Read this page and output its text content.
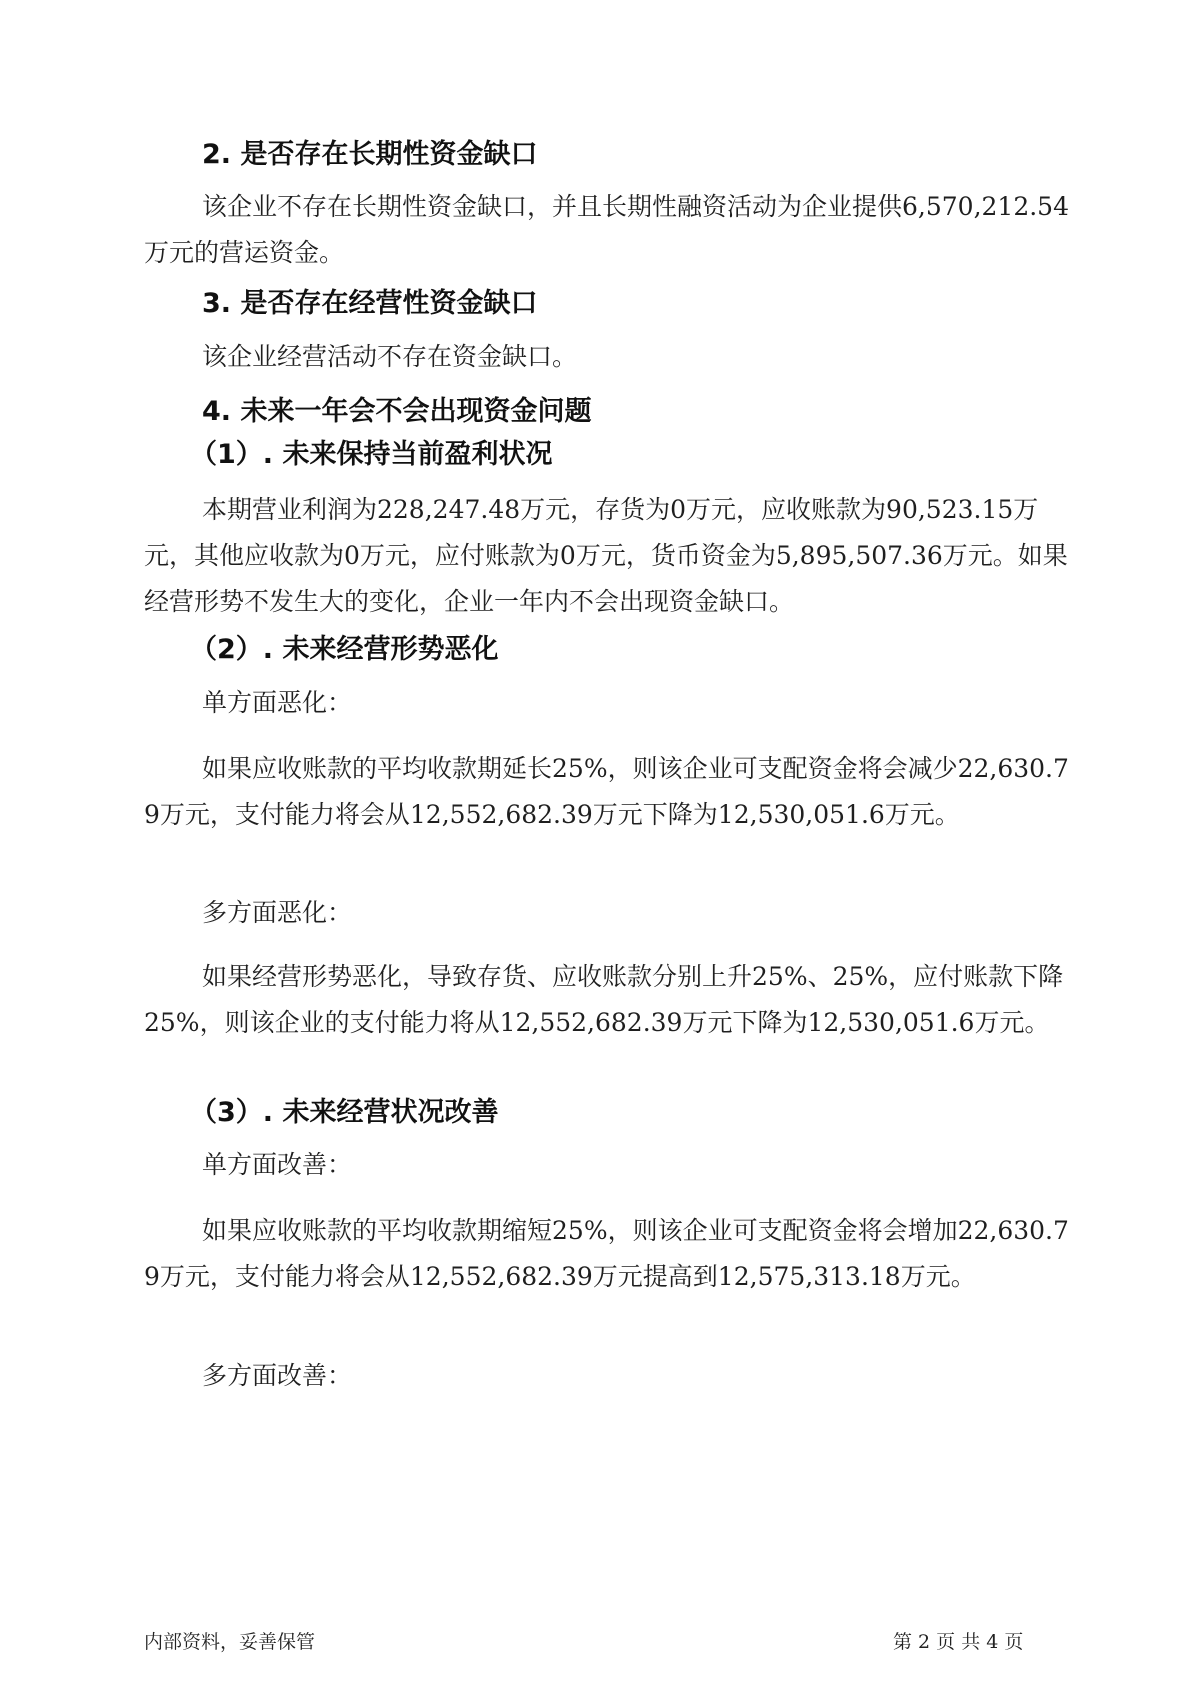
2. 是否存在长期性资金缺口
该企业不存在长期性资金缺口，并且长期性融资活动为企业提供6,570,212.54万元的营运资金。
3. 是否存在经营性资金缺口
该企业经营活动不存在资金缺口。
4. 未来一年会不会出现资金问题
（1）. 未来保持当前盈利状况
本期营业利润为228,247.48万元，存货为0万元，应收账款为90,523.15万元，其他应收款为0万元，应付账款为0万元，货币资金为5,895,507.36万元。如果经营形势不发生大的变化，企业一年内不会出现资金缺口。
（2）. 未来经营形势恶化
单方面恶化：
如果应收账款的平均收款期延长25%，则该企业可支配资金将会减少22,630.79万元，支付能力将会从12,552,682.39万元下降为12,530,051.6万元。
多方面恶化：
如果经营形势恶化，导致存货、应收账款分别上升25%、25%，应付账款下降25%，则该企业的支付能力将从12,552,682.39万元下降为12,530,051.6万元。
（3）. 未来经营状况改善
单方面改善：
如果应收账款的平均收款期缩短25%，则该企业可支配资金将会增加22,630.79万元，支付能力将会从12,552,682.39万元提高到12,575,313.18万元。
多方面改善：
内部资料，妥善保管	第 2 页 共 4 页
